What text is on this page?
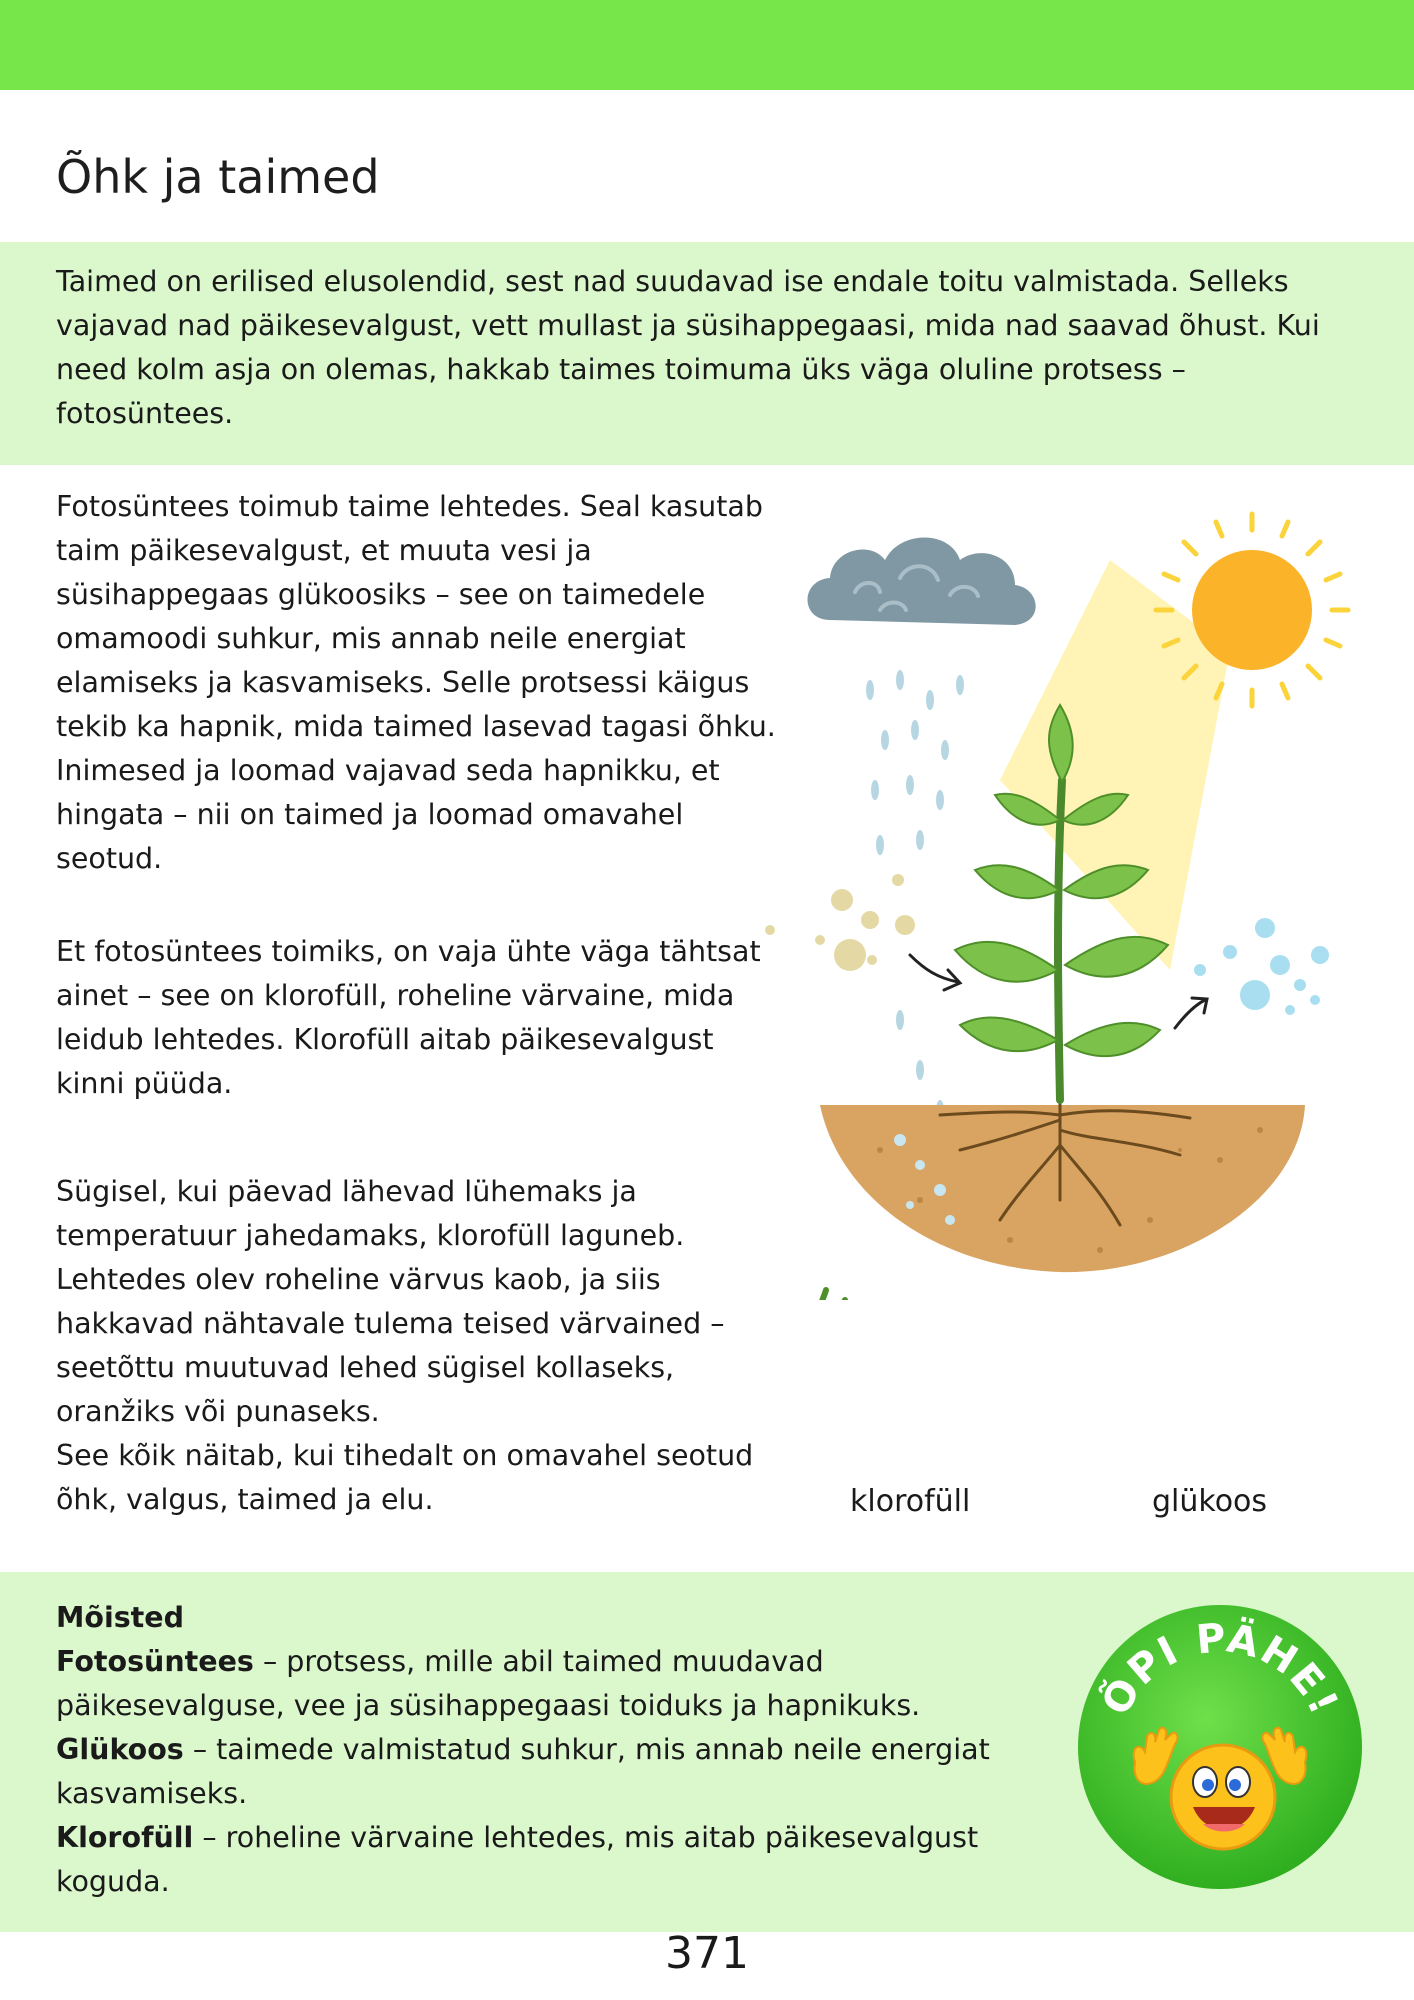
Õhk ja taimed

Taimed on erilised elusolendid, sest nad suudavad ise endale toitu valmistada. Selleks vajavad nad päikesevalgust, vett mullast ja süsihappegaasi, mida nad saavad õhust. Kui need kolm asja on olemas, hakkab taimes toimuma üks väga oluline protsess – fotosüntees.

Fotosüntees toimub taime lehtedes. Seal kasutab taim päikesevalgust, et muuta vesi ja süsihappegaas glükoosiks – see on taimedele omamoodi suhkur, mis annab neile energiat elamiseks ja kasvamiseks. Selle protsessi käigus tekib ka hapnik, mida taimed lasevad tagasi õhku. Inimesed ja loomad vajavad seda hapnikku, et hingata – nii on taimed ja loomad omavahel seotud.

Et fotosüntees toimiks, on vaja ühte väga tähtsat ainet – see on klorofüll, roheline värvaine, mida leidub lehtedes. Klorofüll aitab päikesevalgust kinni püüda.

Sügisel, kui päevad lähevad lühemaks ja temperatuur jahedamaks, klorofüll laguneb. Lehtedes olev roheline värvus kaob, ja siis hakkavad nähtavale tulema teised värvained – seetõttu muutuvad lehed sügisel kollaseks, oranžiks või punaseks.
See kõik näitab, kui tihedalt on omavahel seotud õhk, valgus, taimed ja elu.	klorofüll	glükoos
Mõisted
Fotosüntees – protsess, mille abil taimed muudavad päikesevalguse, vee ja süsihappegaasi toiduks ja hapnikuks.
Glükoos – taimede valmistatud suhkur, mis annab neile energiat kasvamiseks.
Klorofüll – roheline värvaine lehtedes, mis aitab päikesevalgust koguda.
ÕPI PÄHE!
371
